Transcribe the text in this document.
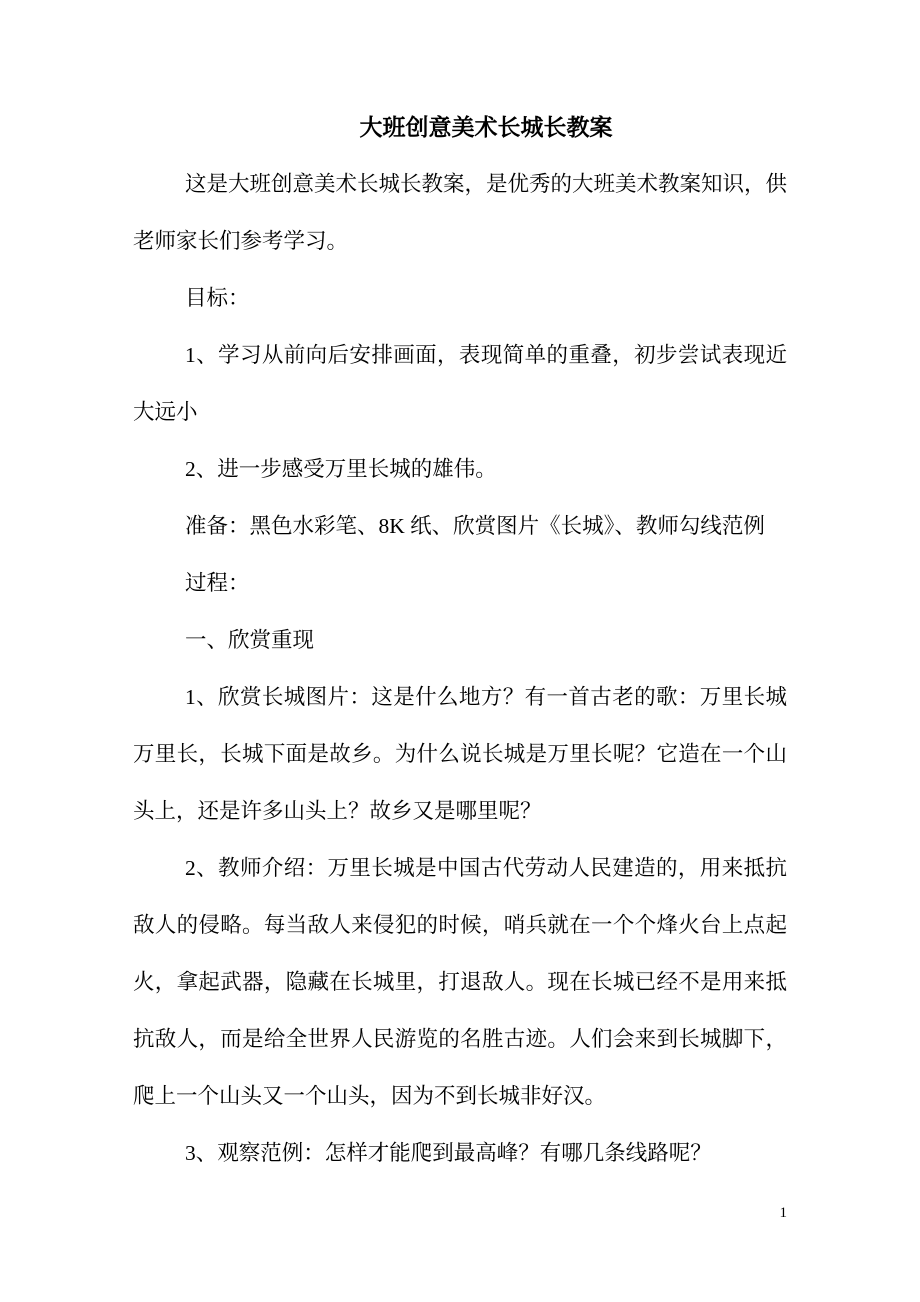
大班创意美术长城长教案

这是大班创意美术长城长教案，是优秀的大班美术教案知识，供老师家长们参考学习。

目标：

1、学习从前向后安排画面，表现简单的重叠，初步尝试表现近大远小

2、进一步感受万里长城的雄伟。

准备：黑色水彩笔、8K 纸、欣赏图片《长城》、教师勾线范例

过程：

一、欣赏重现

1、欣赏长城图片：这是什么地方？有一首古老的歌：万里长城万里长，长城下面是故乡。为什么说长城是万里长呢？它造在一个山头上，还是许多山头上？故乡又是哪里呢？

2、教师介绍：万里长城是中国古代劳动人民建造的，用来抵抗敌人的侵略。每当敌人来侵犯的时候，哨兵就在一个个烽火台上点起火，拿起武器，隐藏在长城里，打退敌人。现在长城已经不是用来抵抗敌人，而是给全世界人民游览的名胜古迹。人们会来到长城脚下，爬上一个山头又一个山头，因为不到长城非好汉。

3、观察范例：怎样才能爬到最高峰？有哪几条线路呢？

1
